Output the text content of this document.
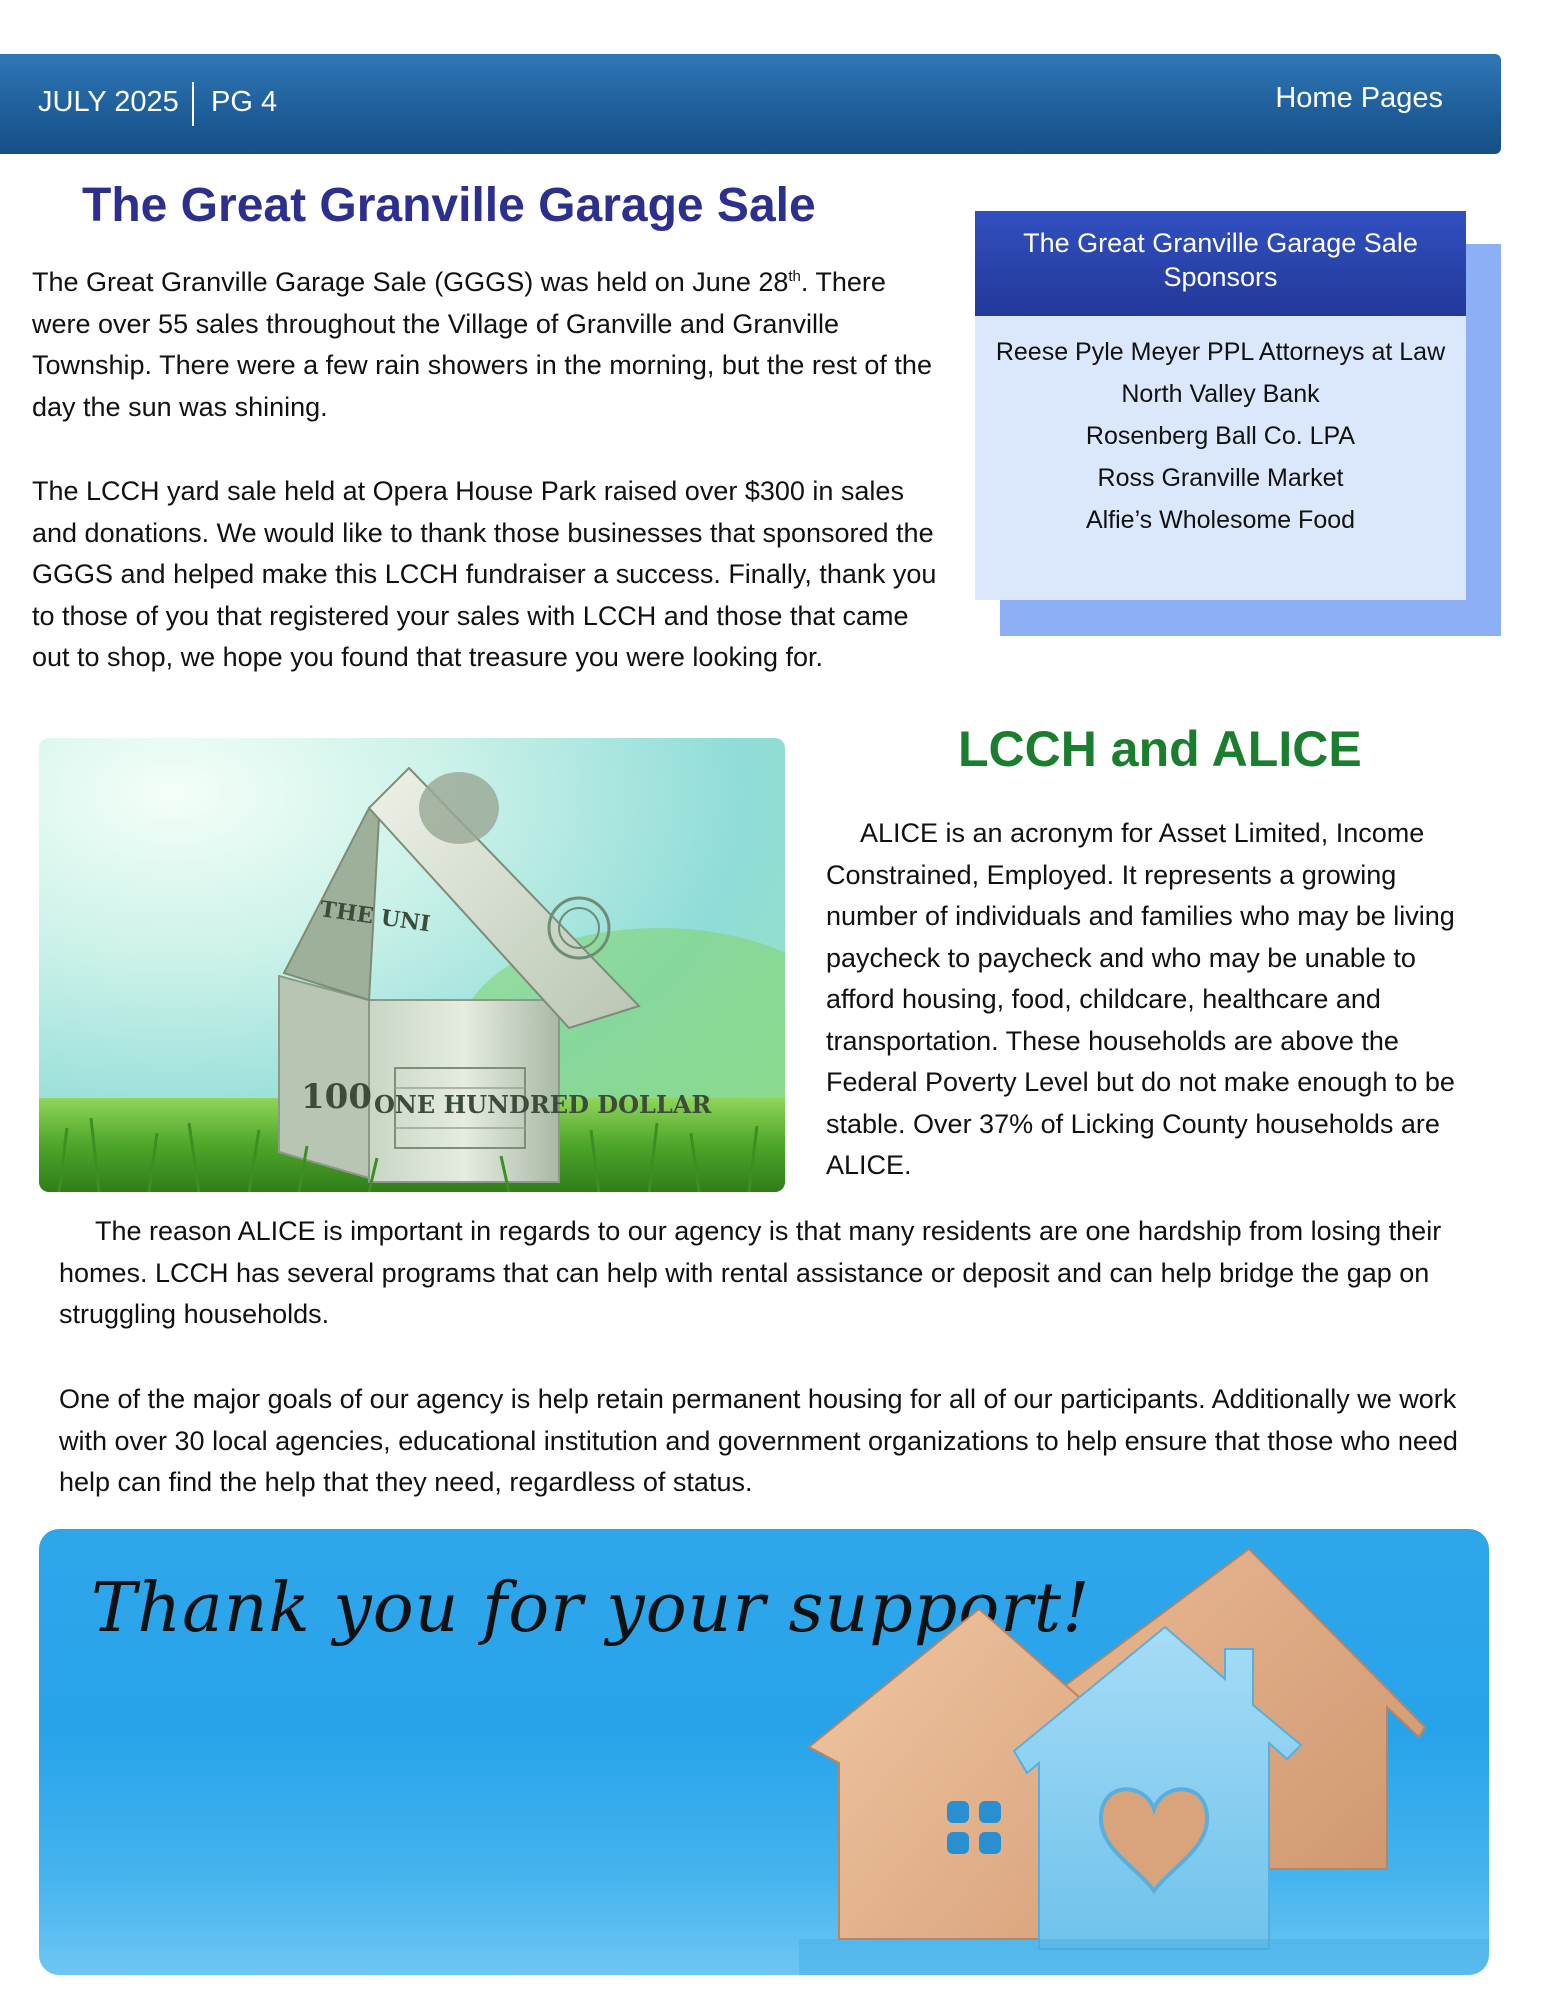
JULY 2025 PG 4	Home Pages
The Great Granville Garage Sale

The Great Granville Garage Sale (GGGS) was held on June 28th. There were over 55 sales throughout the Village of Granville and Granville Township. There were a few rain showers in the morning, but the rest of the day the sun was shining.

The LCCH yard sale held at Opera House Park raised over $300 in sales and donations. We would like to thank those businesses that sponsored the GGGS and helped make this LCCH fundraiser a success. Finally, thank you to those of you that registered your sales with LCCH and those that came out to shop, we hope you found that treasure you were looking for.

The Great Granville Garage Sale Sponsors
Reese Pyle Meyer PPL Attorneys at Law
North Valley Bank
Rosenberg Ball Co. LPA
Ross Granville Market
Alfie’s Wholesome Food
THE UNI
ONE HUNDRED DOLLAR
100
LCCH and ALICE

ALICE is an acronym for Asset Limited, Income Constrained, Employed. It represents a growing number of individuals and families who may be living paycheck to paycheck and who may be unable to afford housing, food, childcare, healthcare and transportation. These households are above the Federal Poverty Level but do not make enough to be stable. Over 37% of Licking County households are ALICE.

The reason ALICE is important in regards to our agency is that many residents are one hardship from losing their homes. LCCH has several programs that can help with rental assistance or deposit and can help bridge the gap on struggling households.

One of the major goals of our agency is help retain permanent housing for all of our participants. Additionally we work with over 30 local agencies, educational institution and government organizations to help ensure that those who need help can find the help that they need, regardless of status.

Thank you for your support!
